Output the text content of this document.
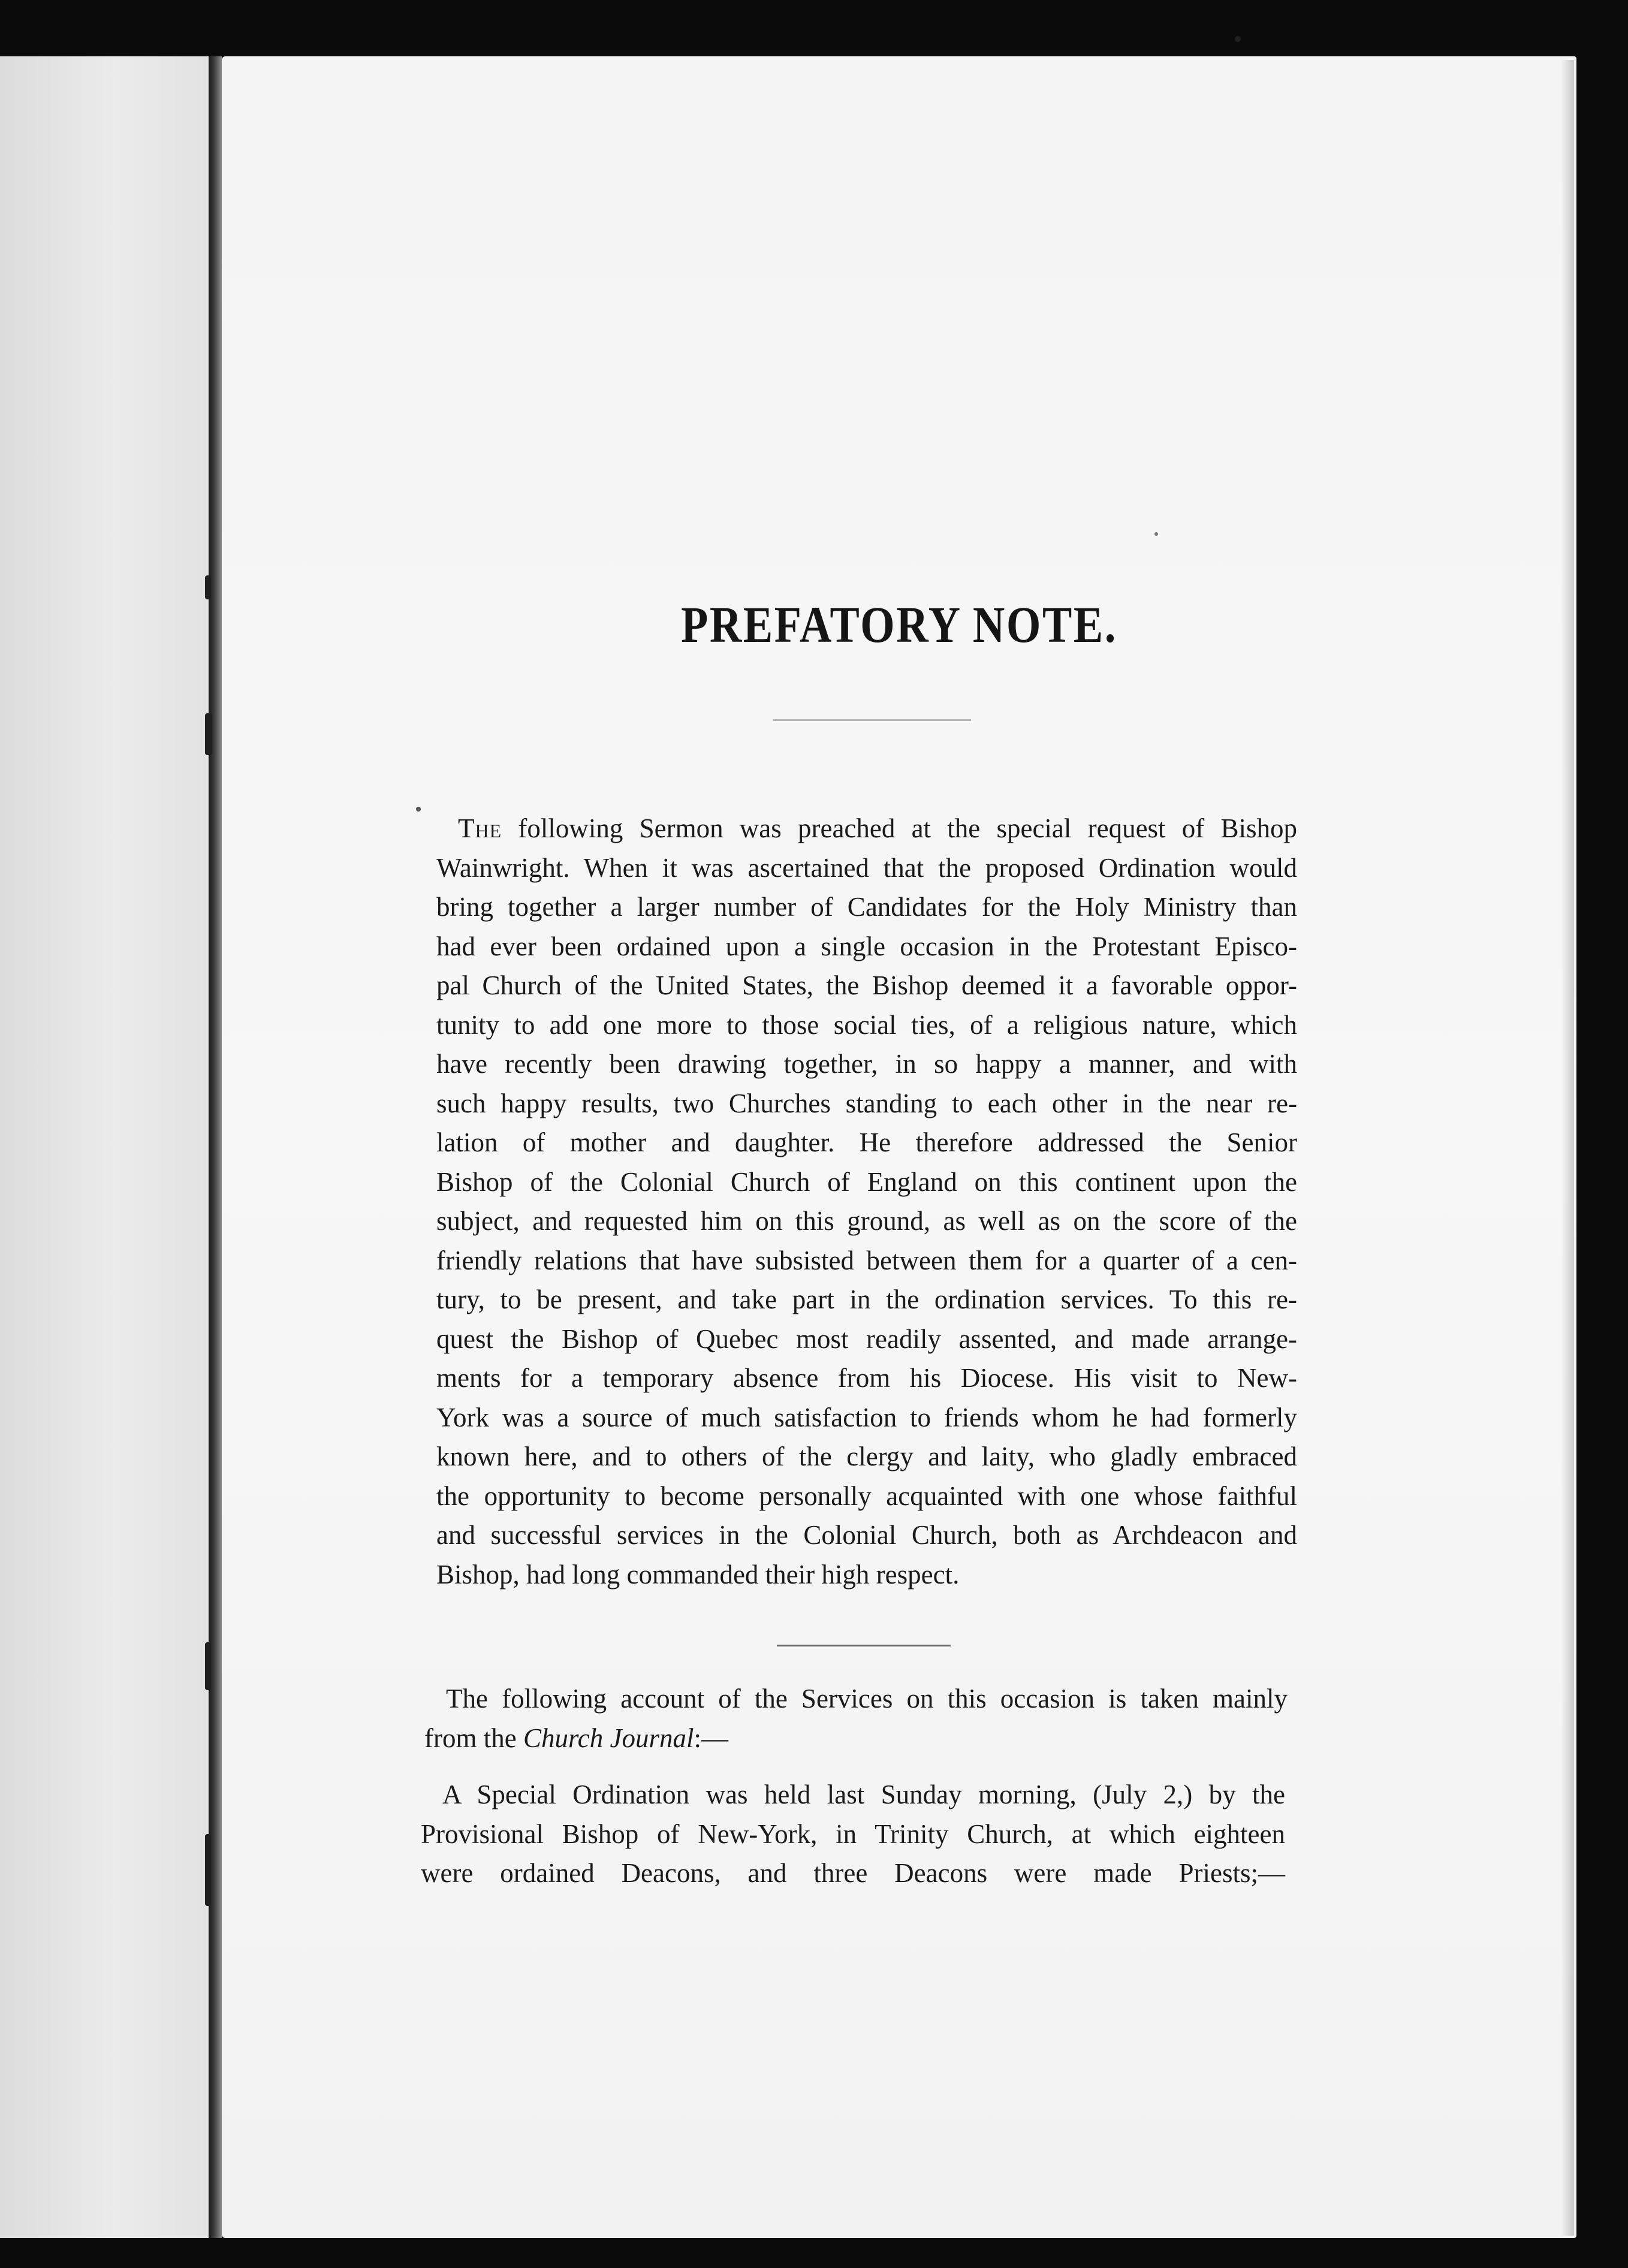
PREFATORY NOTE.
The following Sermon was preached at the special request of Bishop
Wainwright. When it was ascertained that the proposed Ordination would
bring together a larger number of Candidates for the Holy Ministry than
had ever been ordained upon a single occasion in the Protestant Episco-
pal Church of the United States, the Bishop deemed it a favorable oppor-
tunity to add one more to those social ties, of a religious nature, which
have recently been drawing together, in so happy a manner, and with
such happy results, two Churches standing to each other in the near re-
lation of mother and daughter. He therefore addressed the Senior
Bishop of the Colonial Church of England on this continent upon the
subject, and requested him on this ground, as well as on the score of the
friendly relations that have subsisted between them for a quarter of a cen-
tury, to be present, and take part in the ordination services. To this re-
quest the Bishop of Quebec most readily assented, and made arrange-
ments for a temporary absence from his Diocese. His visit to New-
York was a source of much satisfaction to friends whom he had formerly
known here, and to others of the clergy and laity, who gladly embraced
the opportunity to become personally acquainted with one whose faithful
and successful services in the Colonial Church, both as Archdeacon and
Bishop, had long commanded their high respect.
The following account of the Services on this occasion is taken mainly
from the Church Journal:—
A Special Ordination was held last Sunday morning, (July 2,) by the
Provisional Bishop of New-York, in Trinity Church, at which eighteen
were ordained Deacons, and three Deacons were made Priests;—
